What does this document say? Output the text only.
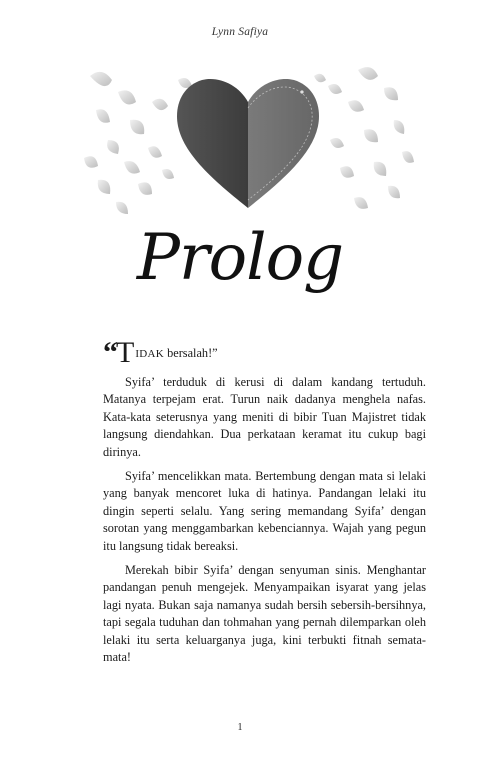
Lynn Safiya
Prolog

“TIDAK bersalah!”

Syifa’ terduduk di kerusi di dalam kandang tertuduh. Matanya terpejam erat. Turun naik dadanya menghela nafas. Kata-kata seterusnya yang meniti di bibir Tuan Majistret tidak langsung diendahkan. Dua perkataan keramat itu cukup bagi dirinya.

Syifa’ mencelikkan mata. Bertembung dengan mata si lelaki yang banyak mencoret luka di hatinya. Pandangan lelaki itu dingin seperti selalu. Yang sering memandang Syifa’ dengan sorotan yang menggambarkan kebenciannya. Wajah yang pegun itu langsung tidak bereaksi.

Merekah bibir Syifa’ dengan senyuman sinis. Menghantar pandangan penuh mengejek. Menyampaikan isyarat yang jelas lagi nyata. Bukan saja namanya sudah bersih sebersih-bersihnya, tapi segala tuduhan dan tohmahan yang pernah dilemparkan oleh lelaki itu serta keluarganya juga, kini terbukti fitnah semata-mata!

1
